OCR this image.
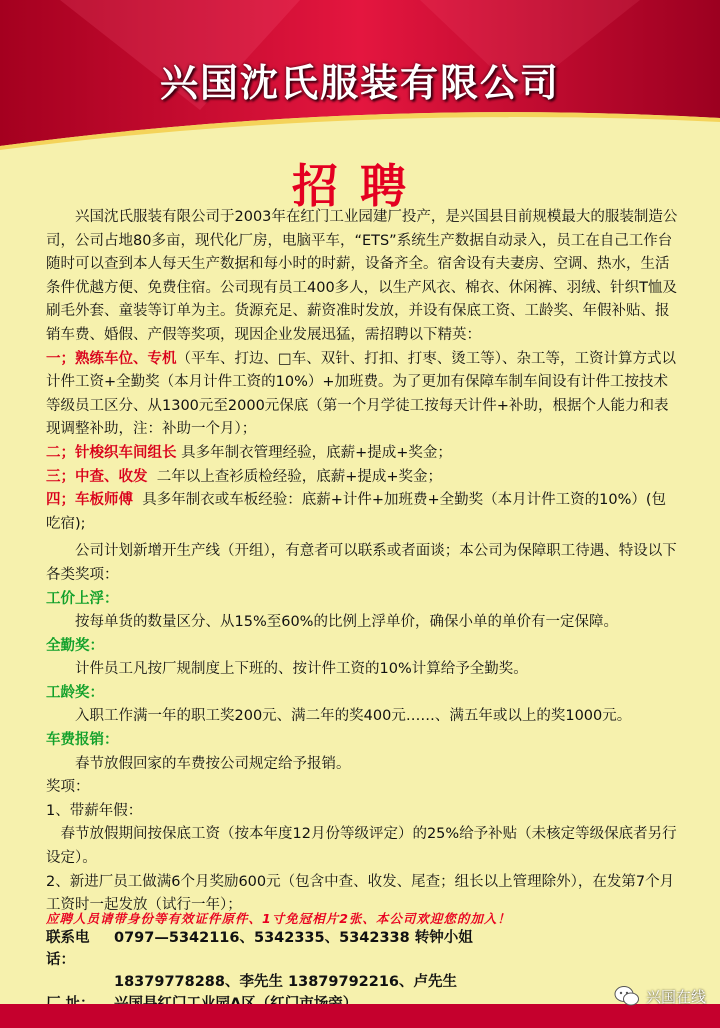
兴国沈氏服装有限公司
招聘

兴国沈氏服装有限公司于2003年在红门工业园建厂投产，是兴国县目前规模最大的服装制造公司，公司占地80多亩，现代化厂房，电脑平车，“ETS”系统生产数据自动录入，员工在自己工作台随时可以查到本人每天生产数据和每小时的时薪，设备齐全。宿舍设有夫妻房、空调、热水，生活条件优越方便、免费住宿。公司现有员工400多人，以生产风衣、棉衣、休闲裤、羽绒、针织T恤及刷毛外套、童装等订单为主。货源充足、薪资准时发放，并设有保底工资、工龄奖、年假补贴、报销车费、婚假、产假等奖项，现因企业发展迅猛，需招聘以下精英：

一；熟练车位、专机（平车、打边、□车、双针、打扣、打枣、烫工等）、杂工等，工资计算方式以计件工资+全勤奖（本月计件工资的10%）+加班费。为了更加有保障车制车间设有计件工按技术等级员工区分、从1300元至2000元保底（第一个月学徒工按每天计件+补助，根据个人能力和表现调整补助，注：补助一个月）；

二；针梭织车间组长 具多年制衣管理经验，底薪+提成+奖金；

三；中查、收发 二年以上查衫质检经验，底薪+提成+奖金；

四；车板师傅 具多年制衣或车板经验：底薪+计件+加班费+全勤奖（本月计件工资的10%）(包吃宿);

公司计划新增开生产线（开组），有意者可以联系或者面谈；本公司为保障职工待遇、特设以下各类奖项：

工价上浮：

按每单货的数量区分、从15%至60%的比例上浮单价，确保小单的单价有一定保障。

全勤奖：

计件员工凡按厂规制度上下班的、按计件工资的10%计算给予全勤奖。

工龄奖：

入职工作满一年的职工奖200元、满二年的奖400元……、满五年或以上的奖1000元。

车费报销：

春节放假回家的车费按公司规定给予报销。

奖项：

1、带薪年假：

春节放假期间按保底工资（按本年度12月份等级评定）的25%给予补贴（未核定等级保底者另行设定）。

2、新进厂员工做满6个月奖励600元（包含中查、收发、尾查；组长以上管理除外），在发第7个月工资时一起发放（试行一年）；

应聘人员请带身份等有效证件原件、1寸免冠相片2张、本公司欢迎您的加入！
联系电话：
0797—5342116、5342335、5342338 转钟小姐
18379778288、李先生 13879792216、卢先生
兴国在线
